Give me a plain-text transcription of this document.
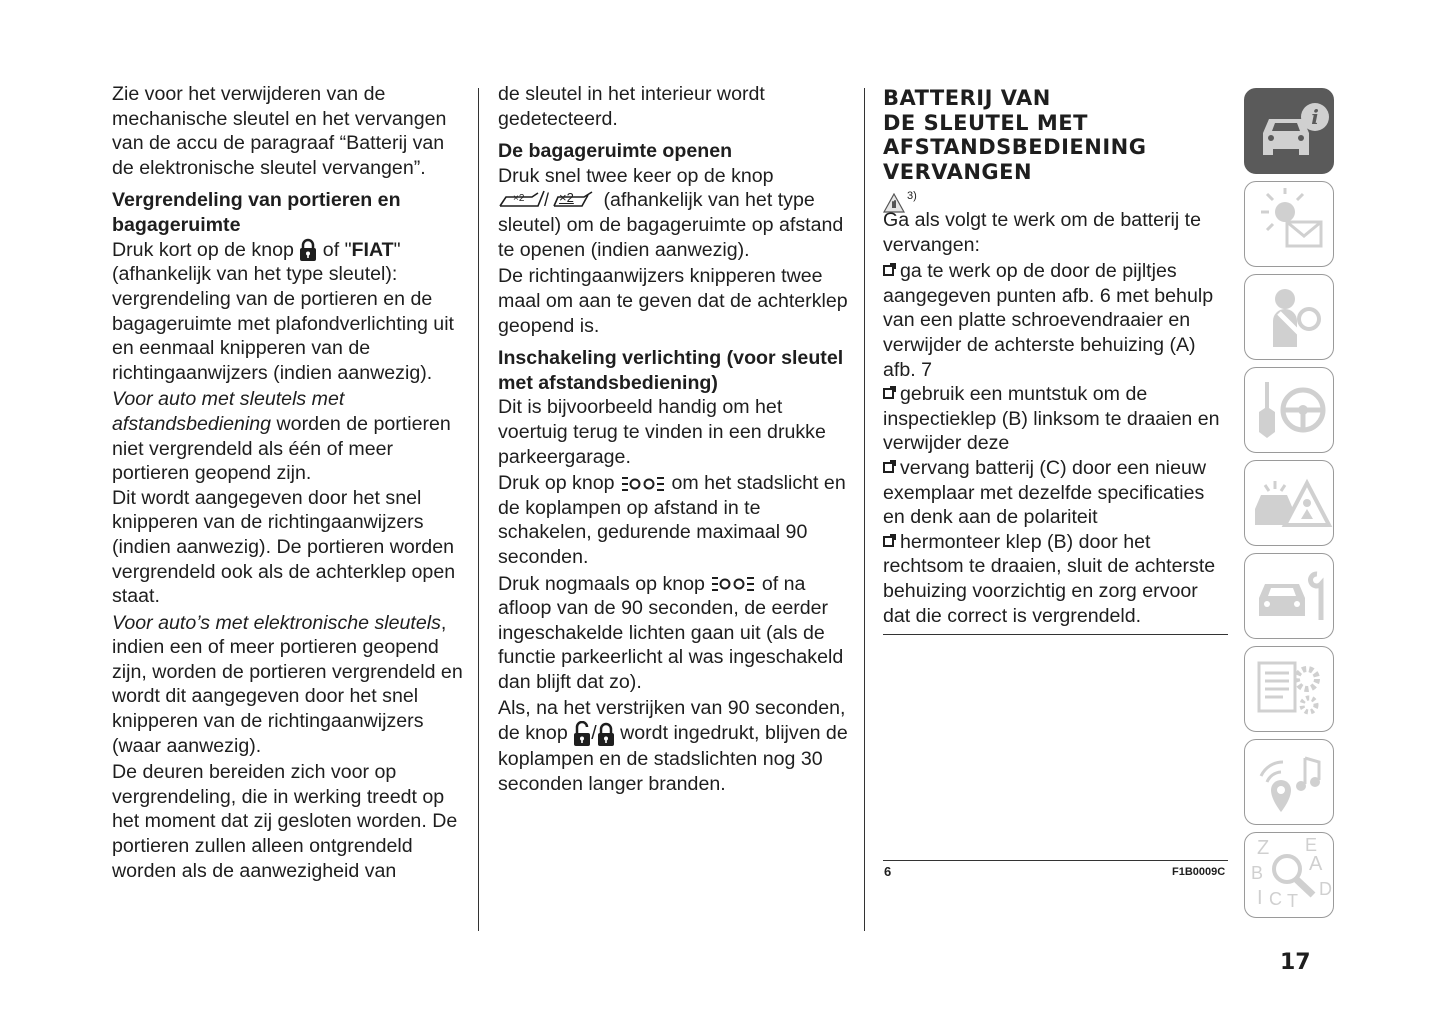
Zie voor het verwijderen van de mechanische sleutel en het vervangen van de accu de paragraaf “Batterij van de elektronische sleutel vervangen”.

Vergrendeling van portieren en bagageruimte

Druk kort op de knop of "FIAT" (afhankelijk van het type sleutel): vergrendeling van de portieren en de bagageruimte met plafondverlichting uit en eenmaal knipperen van de richtingaanwijzers (indien aanwezig).

Voor auto met sleutels met afstandsbediening worden de portieren niet vergrendeld als één of meer portieren geopend zijn.

Dit wordt aangegeven door het snel knipperen van de richtingaanwijzers (indien aanwezig). De portieren worden vergrendeld ook als de achterklep open staat.

Voor auto’s met elektronische sleutels, indien een of meer portieren geopend zijn, worden de portieren vergrendeld en wordt dit aangegeven door het snel knipperen van de richtingaanwijzers (waar aanwezig).

De deuren bereiden zich voor op vergrendeling, die in werking treedt op het moment dat zij gesloten worden. De portieren zullen alleen ontgrendeld worden als de aanwezigheid van

de sleutel in het interieur wordt gedetecteerd.

De bagageruimte openen

Druk snel twee keer op de knop
×2 / ×2 (afhankelijk van het type sleutel) om de bagageruimte op afstand te openen (indien aanwezig).

De richtingaanwijzers knipperen twee maal om aan te geven dat de achterklep geopend is.

Inschakeling verlichting (voor sleutel met afstandsbediening)

Dit is bijvoorbeeld handig om het voertuig terug te vinden in een drukke parkeergarage.

Druk op knop	om het stadslicht en de koplampen op afstand in te schakelen, gedurende maximaal 90 seconden.

Druk nogmaals op knop	of na afloop van de 90 seconden, de eerder ingeschakelde lichten gaan uit (als de functie parkeerlicht al was ingeschakeld dan blijft dat zo).

Als, na het verstrijken van 90 seconden, de knop / wordt ingedrukt, blijven de koplampen en de stadslichten nog 30 seconden langer branden.

BATTERIJ VAN

DE SLEUTEL MET

AFSTANDSBEDIENING

VERVANGEN

$^{3)}$

Ga als volgt te werk om de batterij te vervangen:

ga te werk op de door de pijltjes aangegeven punten afb. 6 met behulp van een platte schroevendraaier en verwijder de achterste behuizing (A) afb. 7

gebruik een muntstuk om de inspectieklep (B) linksom te draaien en verwijder deze

vervang batterij (C) door een nieuw exemplaar met dezelfde specificaties en denk aan de polariteit

hermonteer klep (B) door het rechtsom te draaien, sluit de achterste behuizing voorzichtig en zorg ervoor dat die correct is vergrendeld.

6	F1B0009C
i
Z E
A
B
I C T
D
17
